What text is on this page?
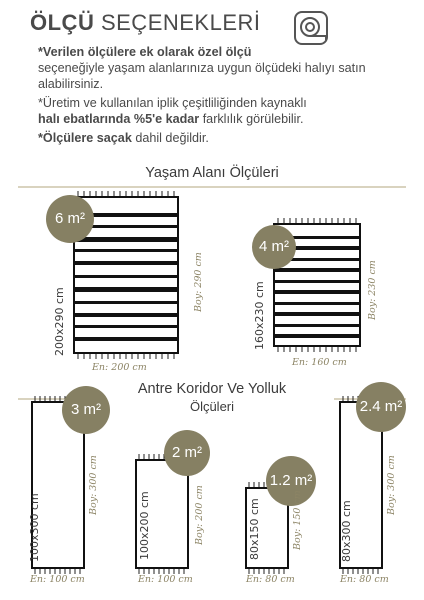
ÖLÇÜ SEÇENEKLERİ

*Verilen ölçülere ek olarak özel ölçü
seçeneğiyle yaşam alanlarınıza uygun ölçüdeki halıyı satın alabilirsiniz.

*Üretim ve kullanılan iplik çeşitliliğinden kaynaklı
halı ebatlarında %5'e kadar farklılık görülebilir.

*Ölçülere saçak dahil değildir.

Yaşam Alanı Ölçüleri
6 m²
200x290 cm
Boy: 290 cm
En: 200 cm
4 m²
160x230 cm	Boy: 230 cm
En: 160 cm
Antre Koridor Ve Yolluk
Ölçüleri
3 m²
100x300 cm
Boy: 300 cm
En: 100 cm
2 m²
100x200 cm	Boy: 200 cm
En: 100 cm
1.2 m²
80x150 cm	Boy: 150 cm
En: 80 cm
2.4 m²
80x300 cm
Boy: 300 cm
En: 80 cm
